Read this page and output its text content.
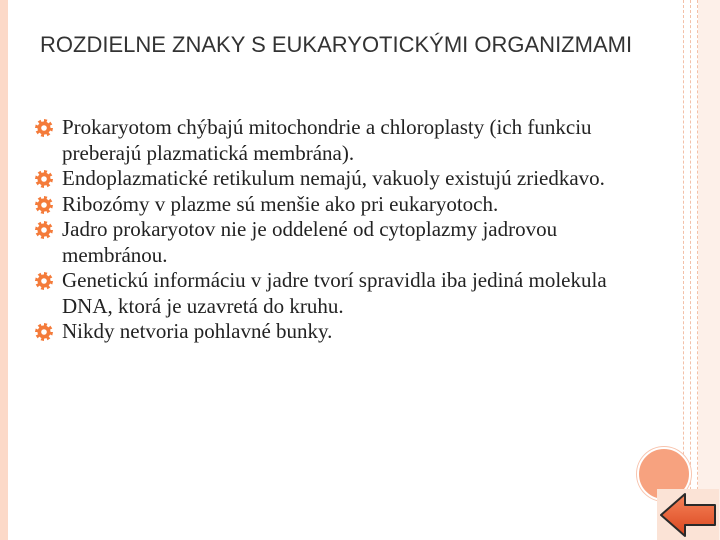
ROZDIELNE ZNAKY S EUKARYOTICKÝMI ORGANIZMAMI
Prokaryotom chýbajú mitochondrie a chloroplasty (ich funkciu preberajú plazmatická membrána).
Endoplazmatické retikulum nemajú, vakuoly existujú zriedkavo.
Ribozómy v plazme sú menšie ako pri eukaryotoch.
Jadro prokaryotov nie je oddelené od cytoplazmy jadrovou membránou.
Genetickú informáciu v jadre tvorí spravidla iba jediná molekula DNA, ktorá je uzavretá do kruhu.
Nikdy netvoria pohlavné bunky.
